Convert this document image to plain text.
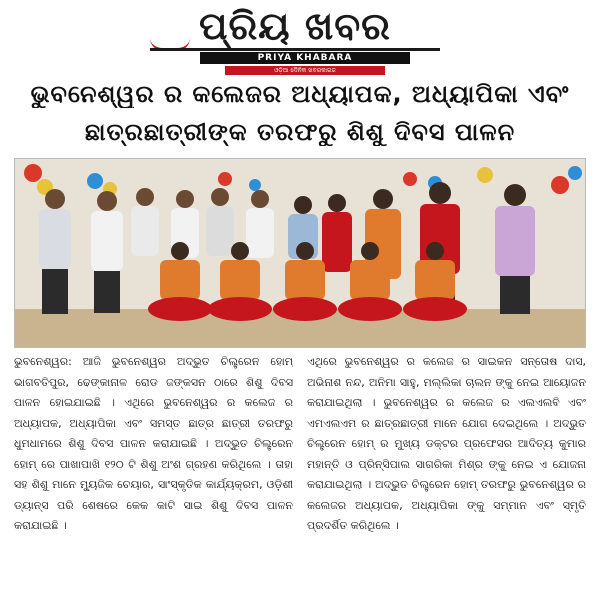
ପ୍ରିୟ ଖବର
PRIYA KHABARA
ଓଡ଼ିଆ ଦୈନିକ ଖବରକାଗଜ
ଭୁବନେଶ୍ୱର ର କଲେଜର ଅଧ୍ୟାପକ, ଅଧ୍ୟାପିକା ଏବଂ
ଛାତ୍ରଛାତ୍ରୀଙ୍କ ତରଫରୁ ଶିଶୁ ଦିବସ ପାଳନ
ଭୁବନେଶ୍ୱର: ଆଜି ଭୁବନେଶ୍ୱର ଅଦ୍ଭୁତ ଚିଲ୍ଡ୍ରେନ ହୋମ୍ ଭାଗବତିପୁର, ଢେଙ୍କାନାଳ ରୋଡ ଜଙ୍କସନ ଠାରେ ଶିଶୁ ଦିବସ ପାଳନ ହୋଇଯାଇଛି । ଏଥିରେ ଭୁବନେଶ୍ୱର ର କଲେଜ ର ଅଧ୍ୟାପକ, ଅଧ୍ୟାପିକା ଏବଂ ସମସ୍ତ ଛାତ୍ର ଛାତ୍ରୀ ତରଫରୁ ଧୁମଧାମରେ ଶିଶୁ ଦିବସ ପାଳନ କରାଯାଇଛି । ଅଦ୍ଭୁତ ଚିଲ୍ଡ୍ରେନ ହୋମ୍ ରେ ପାଖାପାଖି ୧୨୦ ଟି ଶିଶୁ ଅଂଶ ଗ୍ରହଣ କରିଥିଲେ । ତାହା ସହ ଶିଶୁ ମାନେ ମ୍ୟୁଜିକ ଚେୟାର, ସାଂସ୍କୃତିକ କାର୍ଯ୍ୟକ୍ରମ, ଓଡ଼ିଶୀ ଡ୍ୟାନ୍ସ ପରି ଶେଷରେ କେକ କାଟି ସାଇ ଶିଶୁ ଦିବସ ପାଳନ କରାଯାଇଛି ।
ଏଥିରେ ଭୁବନେଶ୍ୱର ର କଲେଜ ର ସାଇକନ ସନ୍ତୋଷ ଦାସ, ଅଭିନାଶ ନନ୍ଦ, ଅନିମା ସାହୁ, ମଲ୍ଲିକା ଚାଲନ ଙ୍କୁ ନେଇ ଆୟୋଜନ କରାଯାଇଥିଲା । ଭୁବନେଶ୍ୱର ର କଲେଜ ର ଏଲଏଲବି ଏବଂ ଏମଏଲଏମ ର ଛାତ୍ରଛାତ୍ରୀ ମାନେ ଯୋଗ ଦେଇଥିଲେ । ଅଦ୍ଭୁତ ଚିଲ୍ଡ୍ରେନ ହୋମ୍ ର ମୁଖ୍ୟ ଡକ୍ଟର ପ୍ରଫେସର ଆଦିତ୍ୟ କୁମାର ମହାନ୍ତି ଓ ପ୍ରିନ୍ସିପାଲ ସାଗରିକା ମିଶ୍ର ଙ୍କୁ ନେଇ ଏ ଯୋଜନା କରାଯାଇଥିଲା । ଅଦ୍ଭୁତ ଚିଲ୍ଡ୍ରେନ ହୋମ୍ ତରଫରୁ ଭୁବନେଶ୍ୱର ର କଲେଜର ଅଧ୍ୟାପକ, ଅଧ୍ୟାପିକା ଙ୍କୁ ସମ୍ମାନ ଏବଂ ସ୍ମୃତି ପ୍ରଦର୍ଶିତ କରିଥିଲେ ।
